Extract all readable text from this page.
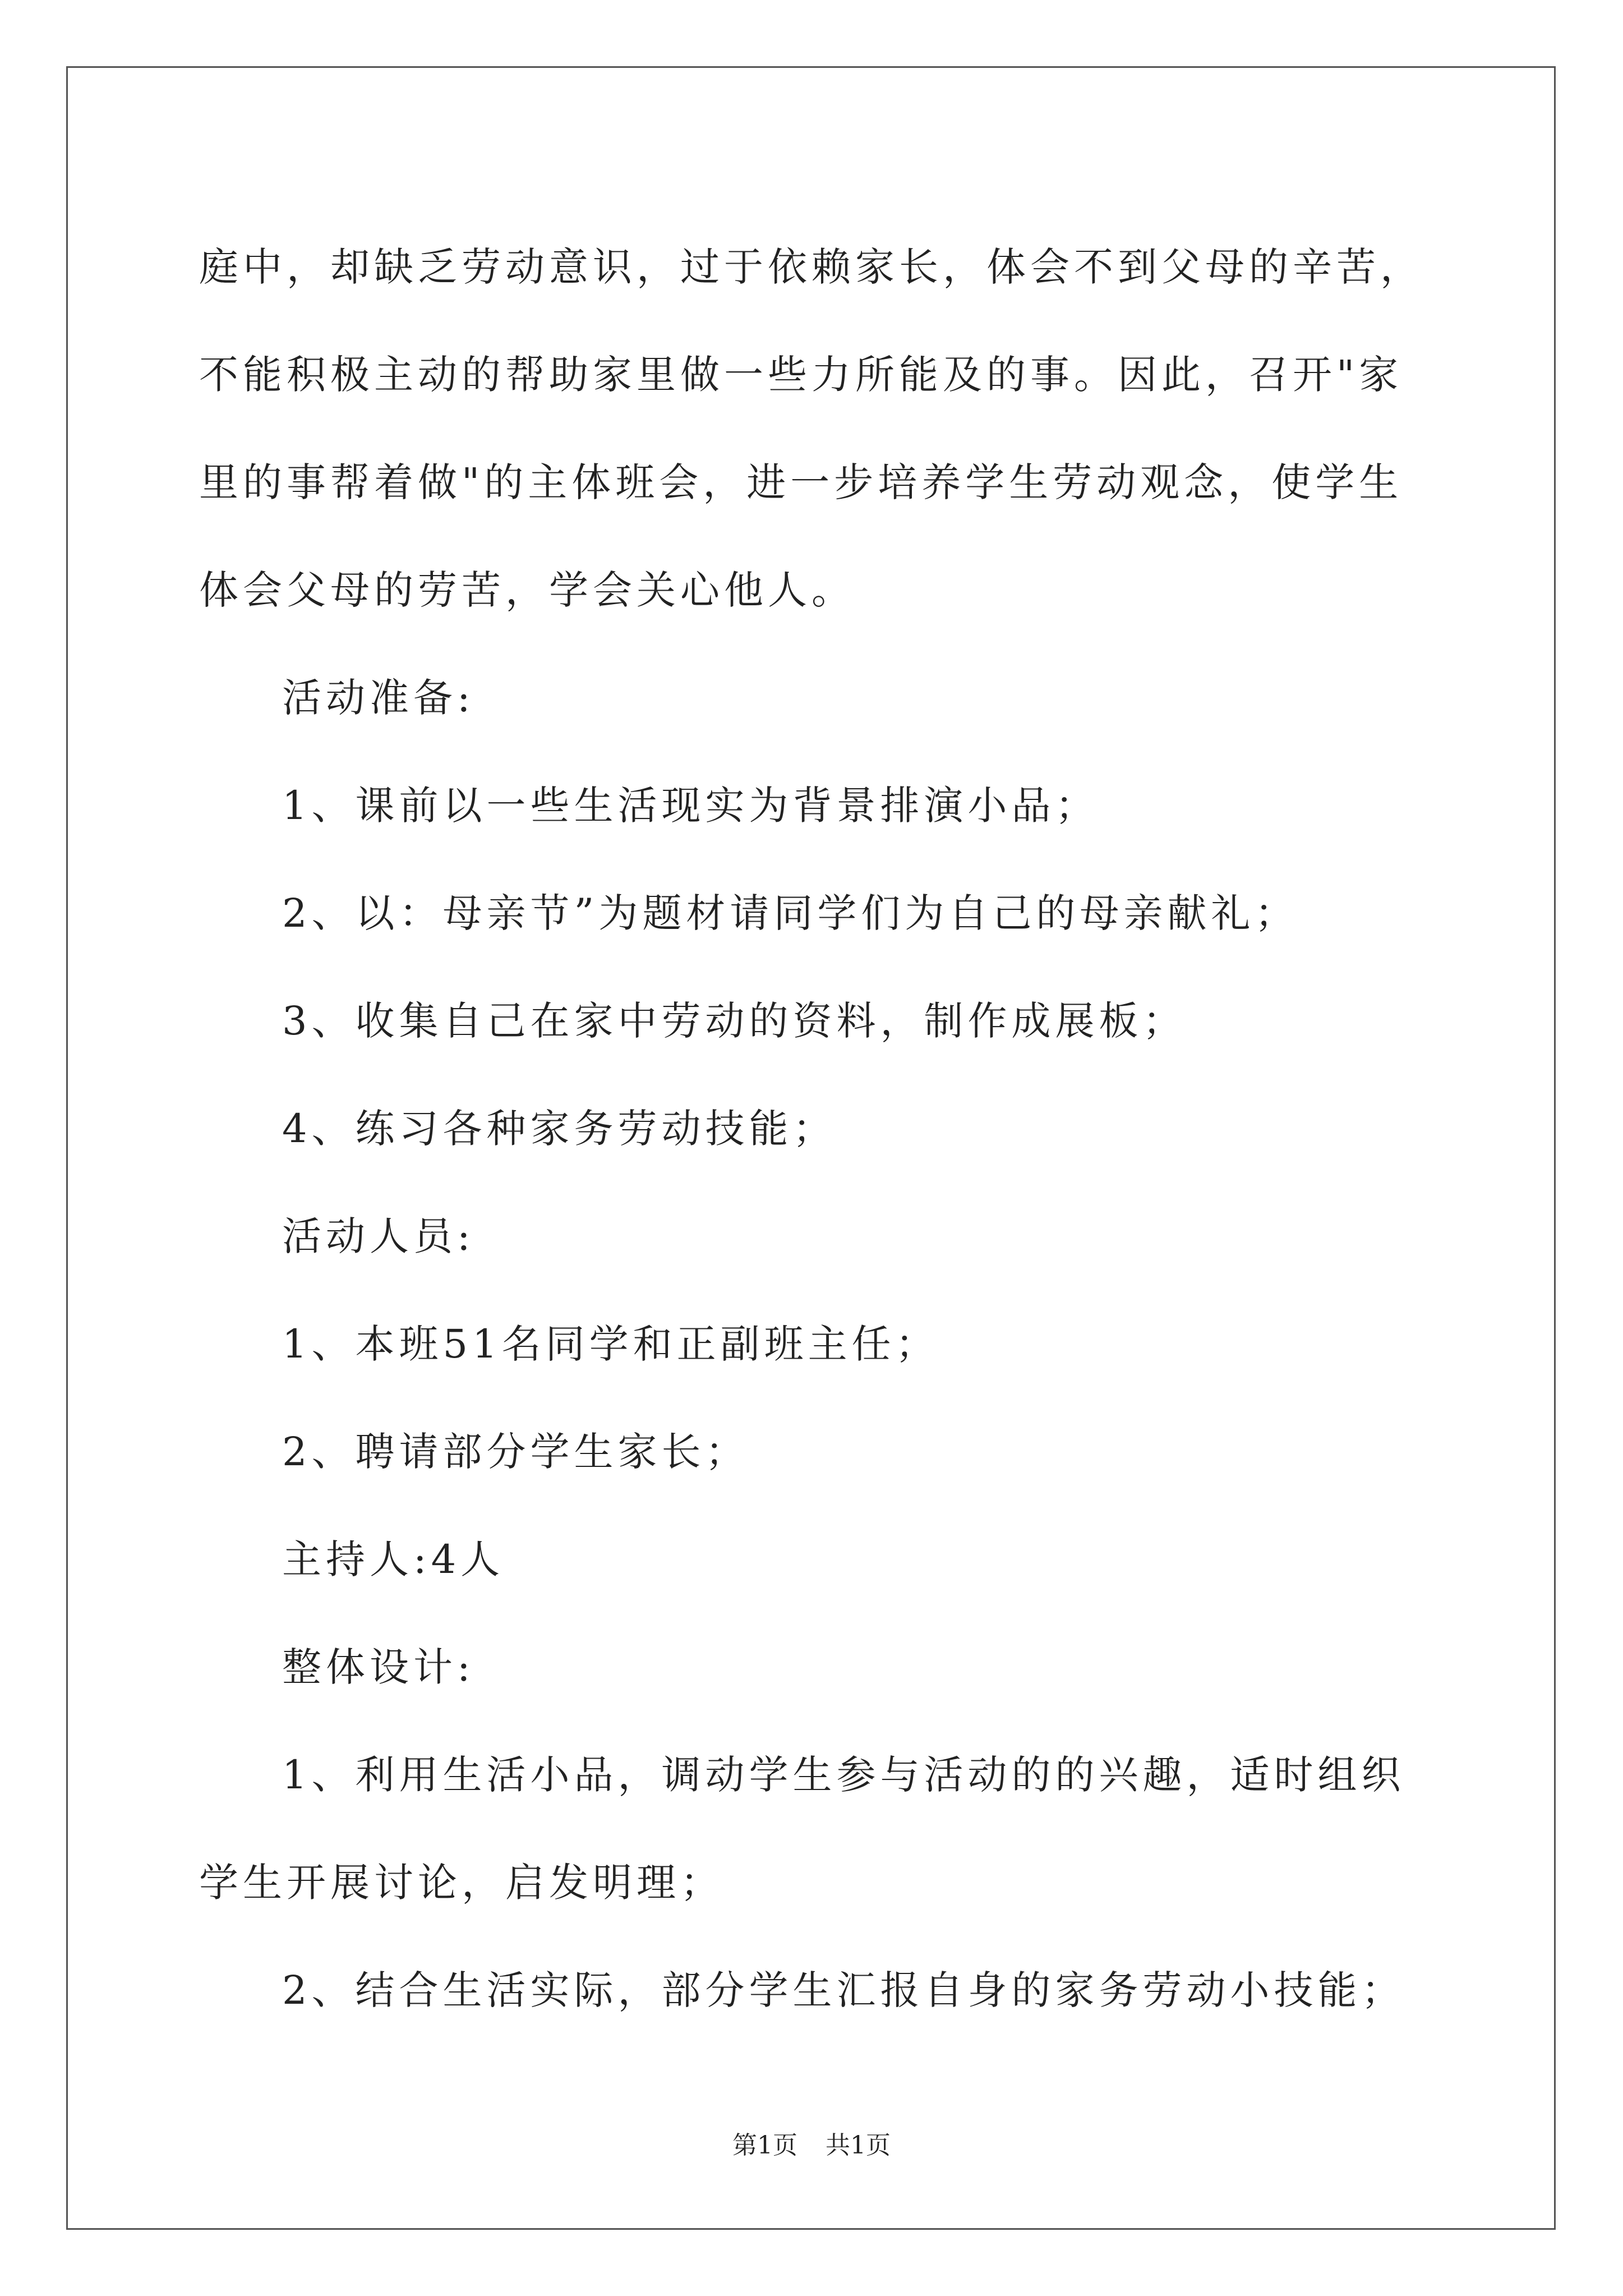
庭中，却缺乏劳动意识，过于依赖家长，体会不到父母的辛苦，不能积极主动的帮助家里做一些力所能及的事。因此，召开"家里的事帮着做"的主体班会，进一步培养学生劳动观念，使学生体会父母的劳苦，学会关心他人。

活动准备:

1、课前以一些生活现实为背景排演小品；

2、以：母亲节”为题材请同学们为自己的母亲献礼；

3、收集自己在家中劳动的资料，制作成展板；

4、练习各种家务劳动技能；

活动人员:

1、本班51名同学和正副班主任；

2、聘请部分学生家长；

主持人:4人

整体设计:

1、利用生活小品，调动学生参与活动的的兴趣，适时组织学生开展讨论，启发明理；

2、结合生活实际，部分学生汇报自身的家务劳动小技能；

第1页 共1页
